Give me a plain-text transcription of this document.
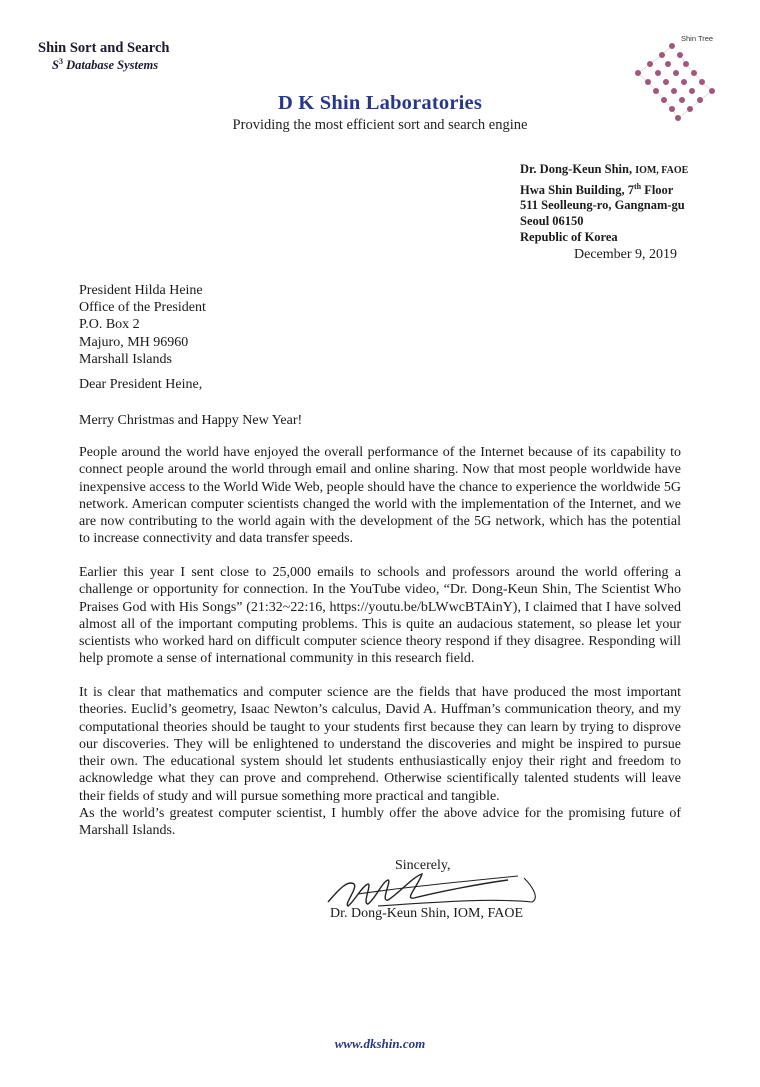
Shin Sort and Search
$S^3$ Database Systems
D K Shin Laboratories
Providing the most efficient sort and search engine
Shin Tree
Dr. Dong-Keun Shin, IOM, FAOE
Hwa Shin Building, 7th Floor
511 Seolleung-ro, Gangnam-gu
Seoul 06150
Republic of Korea
December 9, 2019
President Hilda Heine
Office of the President
P.O. Box 2
Majuro, MH 96960
Marshall Islands
Dear President Heine,
Merry Christmas and Happy New Year!
People around the world have enjoyed the overall performance of the Internet because of its capability to connect people around the world through email and online sharing. Now that most people worldwide have inexpensive access to the World Wide Web, people should have the chance to experience the worldwide 5G network. American computer scientists changed the world with the implementation of the Internet, and we are now contributing to the world again with the development of the 5G network, which has the potential to increase connectivity and data transfer speeds.
Earlier this year I sent close to 25,000 emails to schools and professors around the world offering a challenge or opportunity for connection. In the YouTube video, “Dr. Dong-Keun Shin, The Scientist Who Praises God with His Songs” (21:32~22:16, https://youtu.be/bLWwcBTAinY), I claimed that I have solved almost all of the important computing problems. This is quite an audacious statement, so please let your scientists who worked hard on difficult computer science theory respond if they disagree. Responding will help promote a sense of international community in this research field.
It is clear that mathematics and computer science are the fields that have produced the most important theories. Euclid’s geometry, Isaac Newton’s calculus, David A. Huffman’s communication theory, and my computational theories should be taught to your students first because they can learn by trying to disprove our discoveries. They will be enlightened to understand the discoveries and might be inspired to pursue their own. The educational system should let students enthusiastically enjoy their right and freedom to acknowledge what they can prove and comprehend. Otherwise scientifically talented students will leave their fields of study and will pursue something more practical and tangible.
As the world’s greatest computer scientist, I humbly offer the above advice for the promising future of Marshall Islands.
Sincerely,
Dr. Dong-Keun Shin, IOM, FAOE
www.dkshin.com
